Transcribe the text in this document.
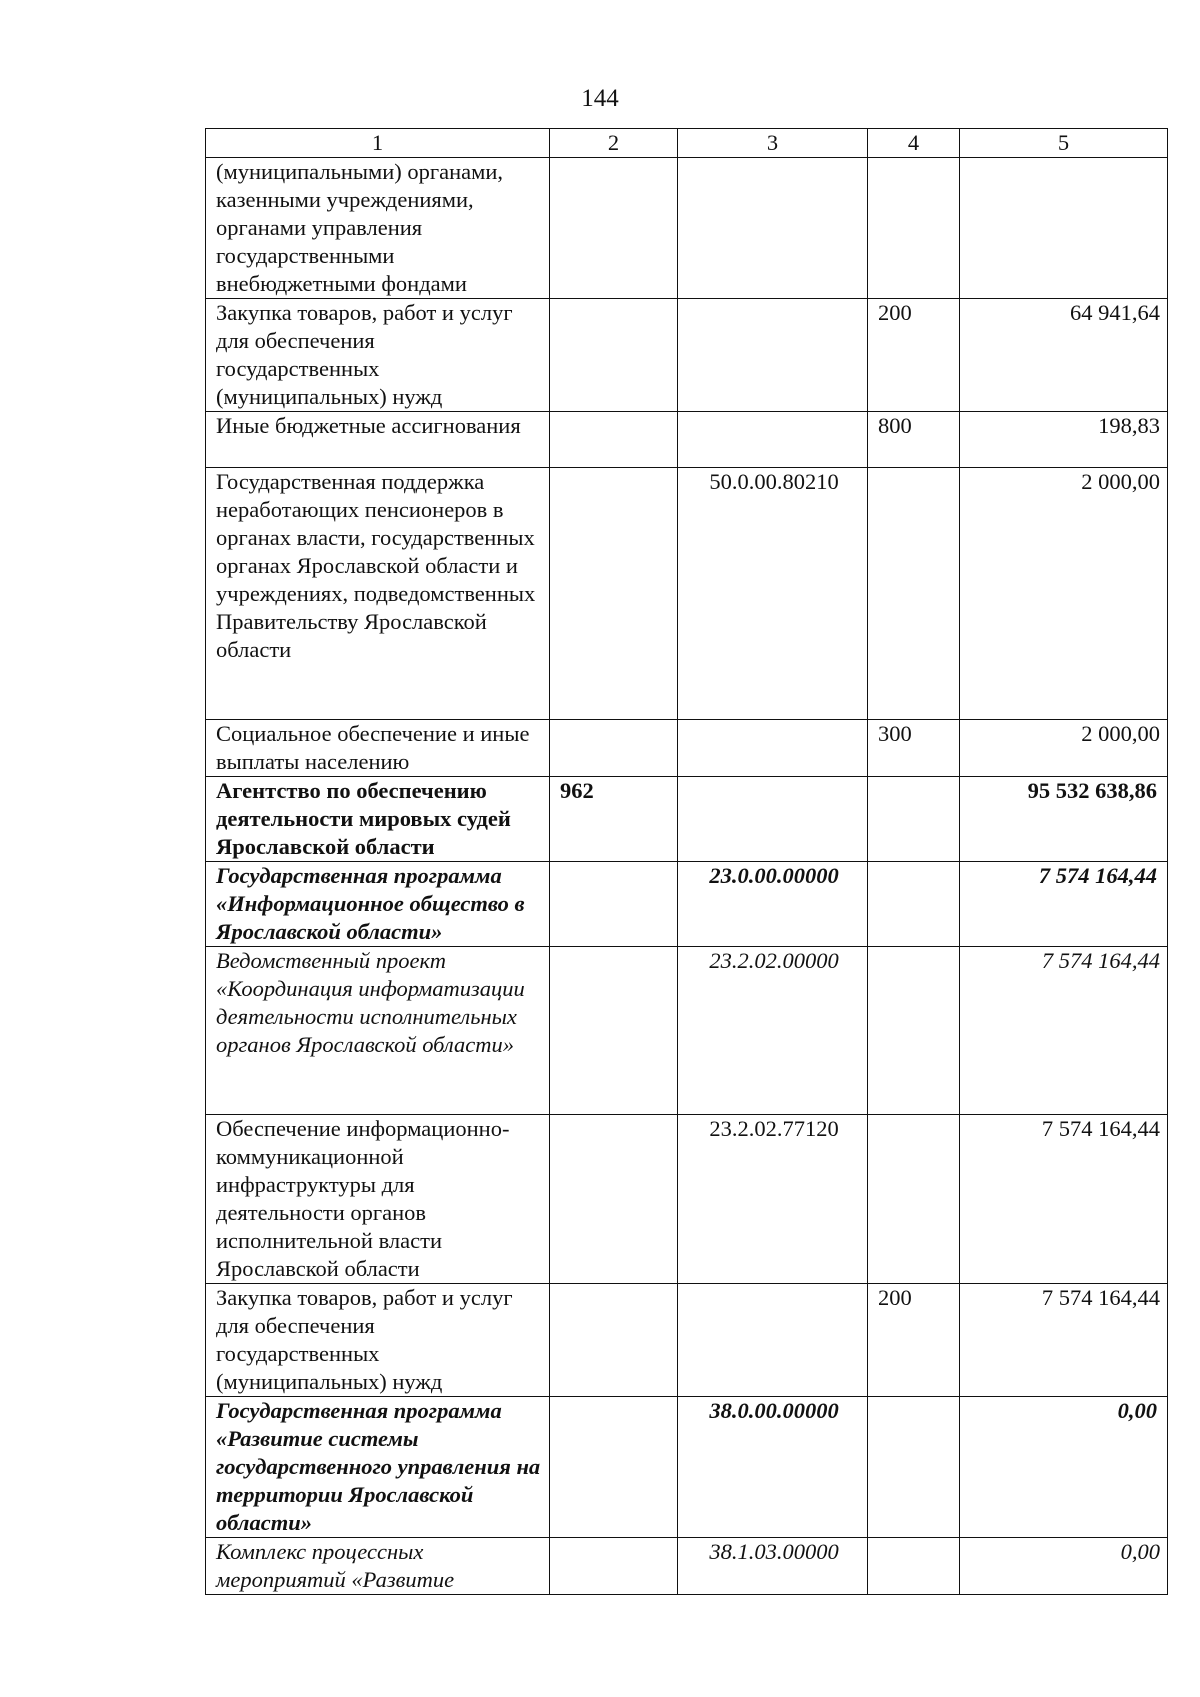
144
1	2	3	4	5
(муниципальными) органами, казенными учреждениями, органами управления государственными внебюджетными фондами				
Закупка товаров, работ и услуг для обеспечения государственных (муниципальных) нужд			200	64 941,64
Иные бюджетные ассигнования			800	198,83
Государственная поддержка неработающих пенсионеров в органах власти, государственных органах Ярославской области и учреждениях, подведомственных Правительству Ярославской области		50.0.00.80210		2 000,00
Социальное обеспечение и иные выплаты населению			300	2 000,00
Агентство по обеспечению деятельности мировых судей Ярославской области	962			95 532 638,86
Государственная программа «Информационное общество в Ярославской области»		23.0.00.00000		7 574 164,44
Ведомственный проект «Координация информатизации деятельности исполнительных органов Ярославской области»		23.2.02.00000		7 574 164,44
Обеспечение информационно-коммуникационной инфраструктуры для деятельности органов исполнительной власти Ярославской области		23.2.02.77120		7 574 164,44
Закупка товаров, работ и услуг для обеспечения государственных (муниципальных) нужд			200	7 574 164,44
Государственная программа «Развитие системы государственного управления на территории Ярославской области»		38.0.00.00000		0,00
Комплекс процессных мероприятий «Развитие		38.1.03.00000		0,00
